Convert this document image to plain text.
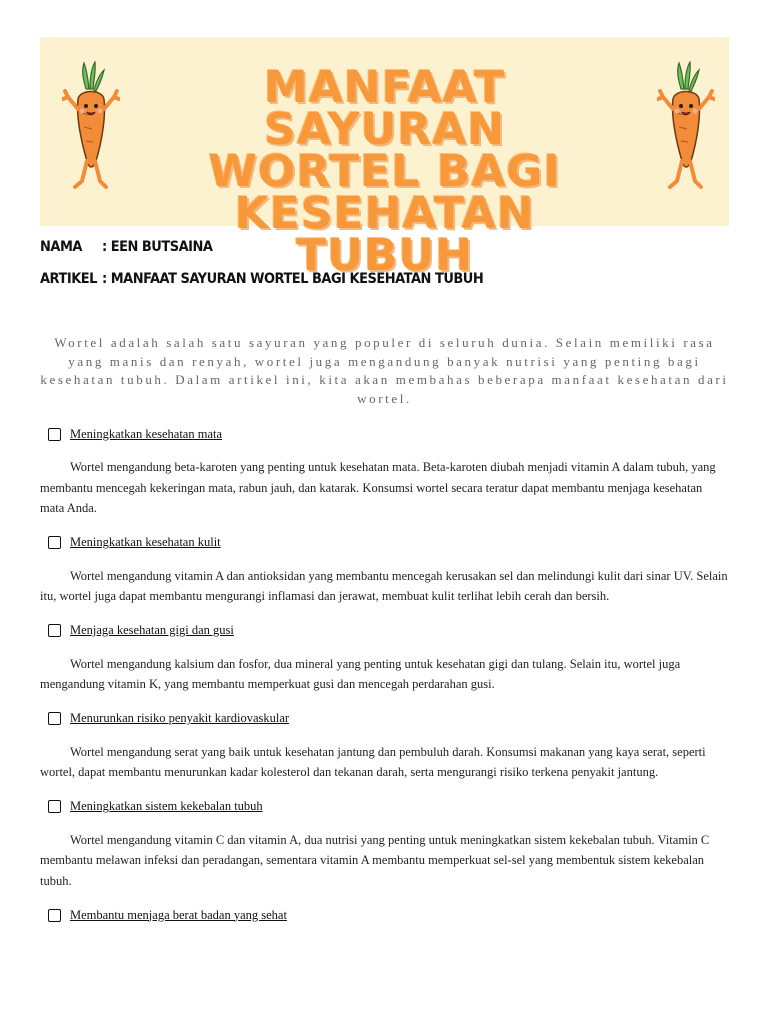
MANFAAT SAYURAN
WORTEL BAGI
KESEHATAN TUBUH
NAMA : EEN BUTSAINA
ARTIKEL : MANFAAT SAYURAN WORTEL BAGI KESEHATAN TUBUH
Wortel adalah salah satu sayuran yang populer di seluruh dunia. Selain memiliki rasa yang manis dan renyah, wortel juga mengandung banyak nutrisi yang penting bagi kesehatan tubuh. Dalam artikel ini, kita akan membahas beberapa manfaat kesehatan dari wortel.
Meningkatkan kesehatan mata
Wortel mengandung beta-karoten yang penting untuk kesehatan mata. Beta-karoten diubah menjadi vitamin A dalam tubuh, yang membantu mencegah kekeringan mata, rabun jauh, dan katarak. Konsumsi wortel secara teratur dapat membantu menjaga kesehatan mata Anda.
Meningkatkan kesehatan kulit
Wortel mengandung vitamin A dan antioksidan yang membantu mencegah kerusakan sel dan melindungi kulit dari sinar UV. Selain itu, wortel juga dapat membantu mengurangi inflamasi dan jerawat, membuat kulit terlihat lebih cerah dan bersih.
Menjaga kesehatan gigi dan gusi
Wortel mengandung kalsium dan fosfor, dua mineral yang penting untuk kesehatan gigi dan tulang. Selain itu, wortel juga mengandung vitamin K, yang membantu memperkuat gusi dan mencegah perdarahan gusi.
Menurunkan risiko penyakit kardiovaskular
Wortel mengandung serat yang baik untuk kesehatan jantung dan pembuluh darah. Konsumsi makanan yang kaya serat, seperti wortel, dapat membantu menurunkan kadar kolesterol dan tekanan darah, serta mengurangi risiko terkena penyakit jantung.
Meningkatkan sistem kekebalan tubuh
Wortel mengandung vitamin C dan vitamin A, dua nutrisi yang penting untuk meningkatkan sistem kekebalan tubuh. Vitamin C membantu melawan infeksi dan peradangan, sementara vitamin A membantu memperkuat sel-sel yang membentuk sistem kekebalan tubuh.
Membantu menjaga berat badan yang sehat
